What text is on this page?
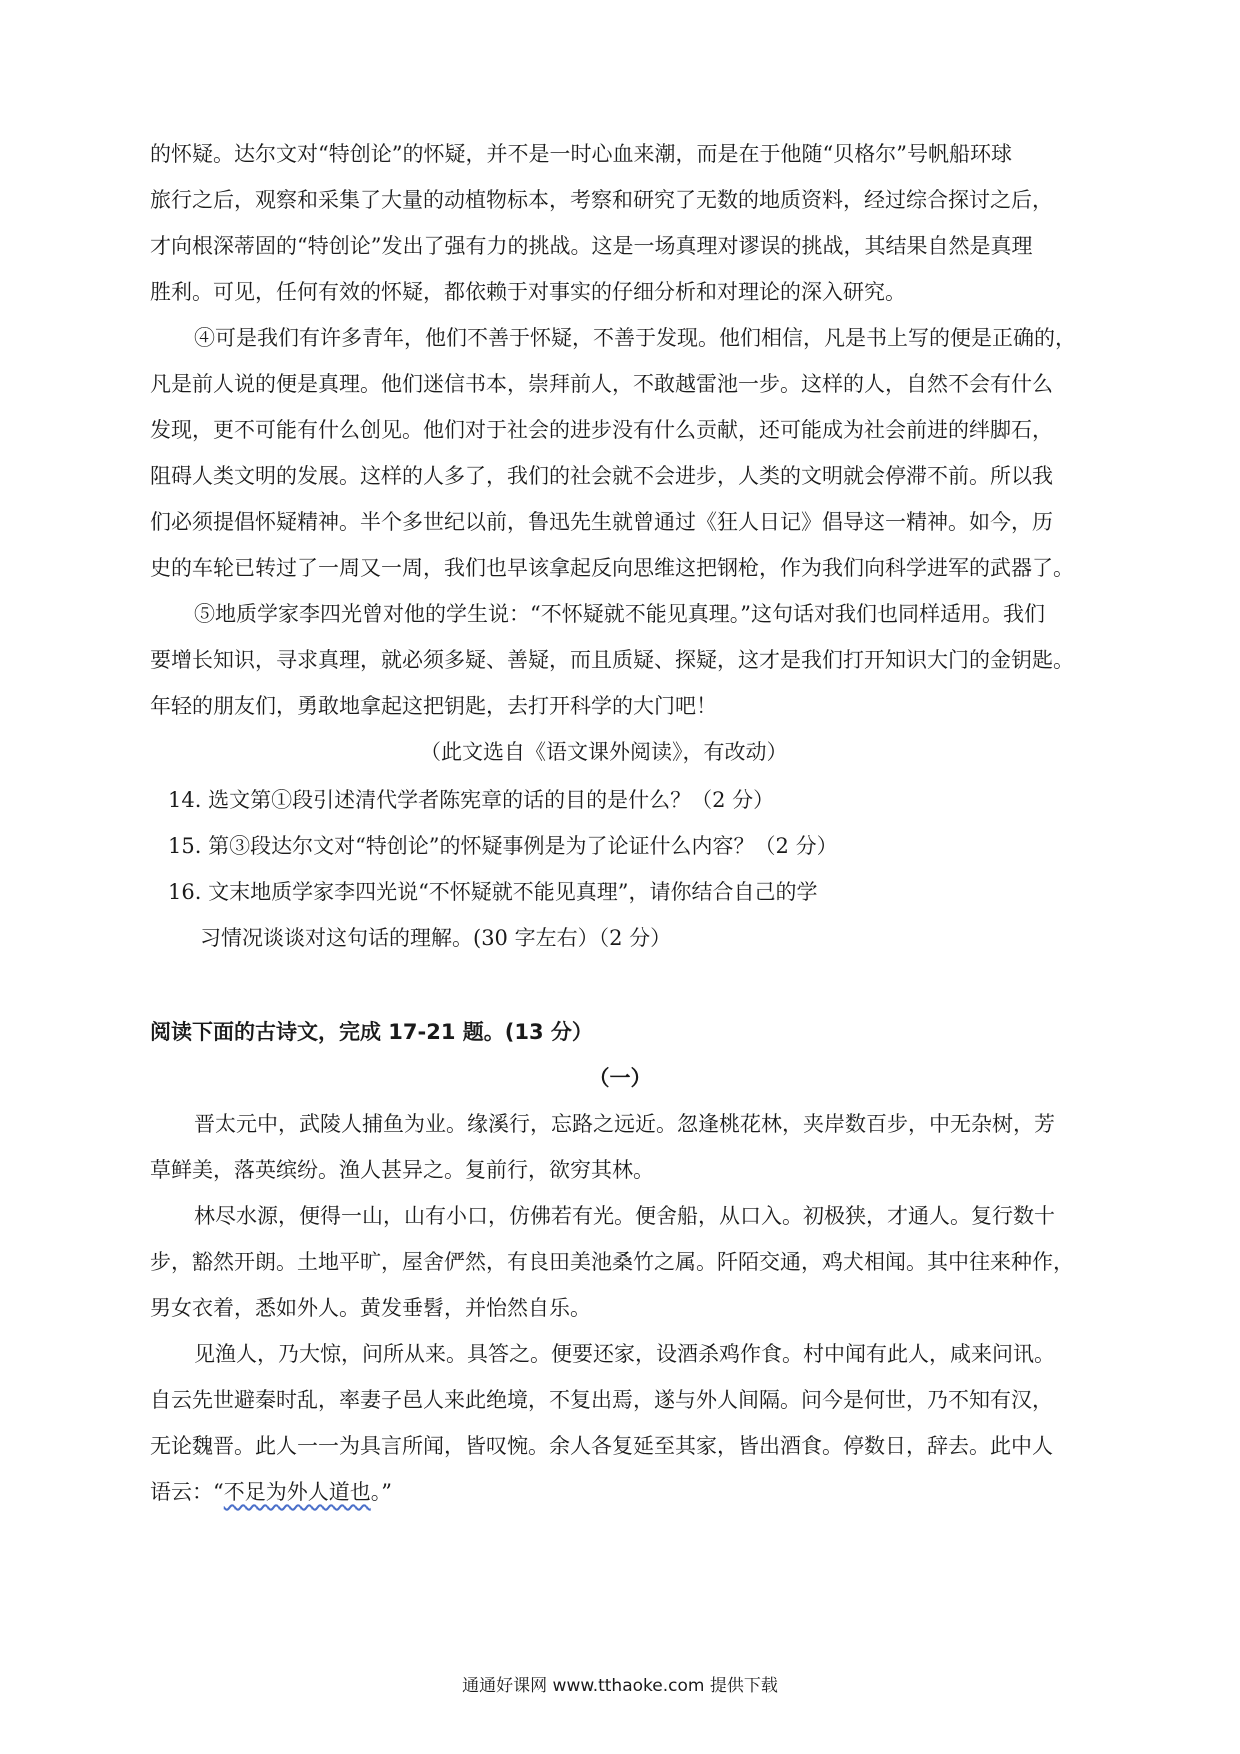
的怀疑。达尔文对“特创论”的怀疑，并不是一时心血来潮，而是在于他随“贝格尔”号帆船环球
旅行之后，观察和采集了大量的动植物标本，考察和研究了无数的地质资料，经过综合探讨之后，
才向根深蒂固的“特创论”发出了强有力的挑战。这是一场真理对谬误的挑战，其结果自然是真理
胜利。可见，任何有效的怀疑，都依赖于对事实的仔细分析和对理论的深入研究。
④可是我们有许多青年，他们不善于怀疑，不善于发现。他们相信，凡是书上写的便是正确的，
凡是前人说的便是真理。他们迷信书本，崇拜前人，不敢越雷池一步。这样的人，自然不会有什么
发现，更不可能有什么创见。他们对于社会的进步没有什么贡献，还可能成为社会前进的绊脚石，
阻碍人类文明的发展。这样的人多了，我们的社会就不会进步，人类的文明就会停滞不前。所以我
们必须提倡怀疑精神。半个多世纪以前，鲁迅先生就曾通过《狂人日记》倡导这一精神。如今，历
史的车轮已转过了一周又一周，我们也早该拿起反向思维这把钢枪，作为我们向科学进军的武器了。
⑤地质学家李四光曾对他的学生说：“不怀疑就不能见真理。”这句话对我们也同样适用。我们
要增长知识，寻求真理，就必须多疑、善疑，而且质疑、探疑，这才是我们打开知识大门的金钥匙。
年轻的朋友们，勇敢地拿起这把钥匙，去打开科学的大门吧！
（此文选自《语文课外阅读》，有改动）
14. 选文第①段引述清代学者陈宪章的话的目的是什么？（2 分）
15. 第③段达尔文对“特创论”的怀疑事例是为了论证什么内容？（2 分）
16. 文末地质学家李四光说“不怀疑就不能见真理”，请你结合自己的学
习情况谈谈对这句话的理解。(30 字左右）（2 分）
阅读下面的古诗文，完成 17-21 题。(13 分）
（一）
晋太元中，武陵人捕鱼为业。缘溪行，忘路之远近。忽逢桃花林，夹岸数百步，中无杂树，芳
草鲜美，落英缤纷。渔人甚异之。复前行，欲穷其林。
林尽水源，便得一山，山有小口，仿佛若有光。便舍船，从口入。初极狭，才通人。复行数十
步，豁然开朗。土地平旷，屋舍俨然，有良田美池桑竹之属。阡陌交通，鸡犬相闻。其中往来种作，
男女衣着，悉如外人。黄发垂髫，并怡然自乐。
见渔人，乃大惊，问所从来。具答之。便要还家，设酒杀鸡作食。村中闻有此人，咸来问讯。
自云先世避秦时乱，率妻子邑人来此绝境，不复出焉，遂与外人间隔。问今是何世，乃不知有汉，
无论魏晋。此人一一为具言所闻，皆叹惋。余人各复延至其家，皆出酒食。停数日，辞去。此中人
语云：“不足为外人道也。”
通通好课网 www.tthaoke.com 提供下载
